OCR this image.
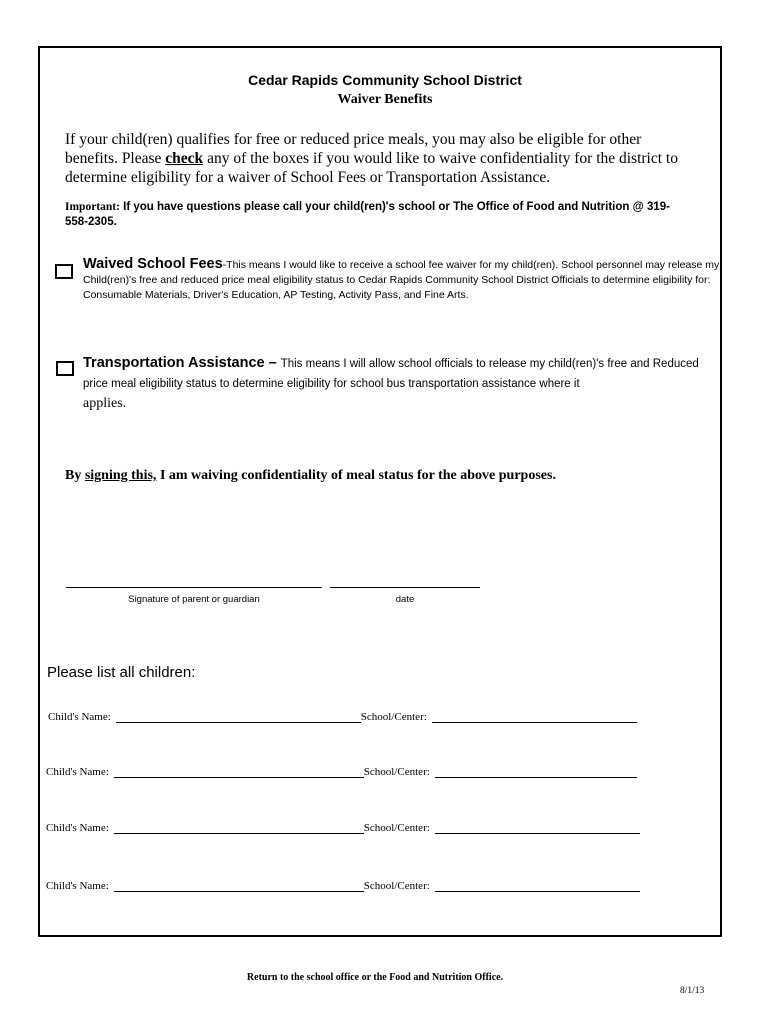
Cedar Rapids Community School District
Waiver Benefits
If your child(ren) qualifies for free or reduced price meals, you may also be eligible for other benefits. Please check any of the boxes if you would like to waive confidentiality for the district to determine eligibility for a waiver of School Fees or Transportation Assistance.
Important: If you have questions please call your child(ren)'s school or The Office of Food and Nutrition @ 319-558-2305.
Waived School Fees-This means I would like to receive a school fee waiver for my child(ren). School personnel may release my Child(ren)'s free and reduced price meal eligibility status to Cedar Rapids Community School District Officials to determine eligibility for: Consumable Materials, Driver's Education, AP Testing, Activity Pass, and Fine Arts.
Transportation Assistance – This means I will allow school officials to release my child(ren)'s free and Reduced price meal eligibility status to determine eligibility for school bus transportation assistance where it
applies.
By signing this, I am waiving confidentiality of meal status for the above purposes.
Signature of parent or guardian	date
Please list all children:
Child's Name:	School/Center:
Child's Name:	School/Center:
Child's Name:	School/Center:
Child's Name:	School/Center:
Return to the school office or the Food and Nutrition Office.
8/1/13
